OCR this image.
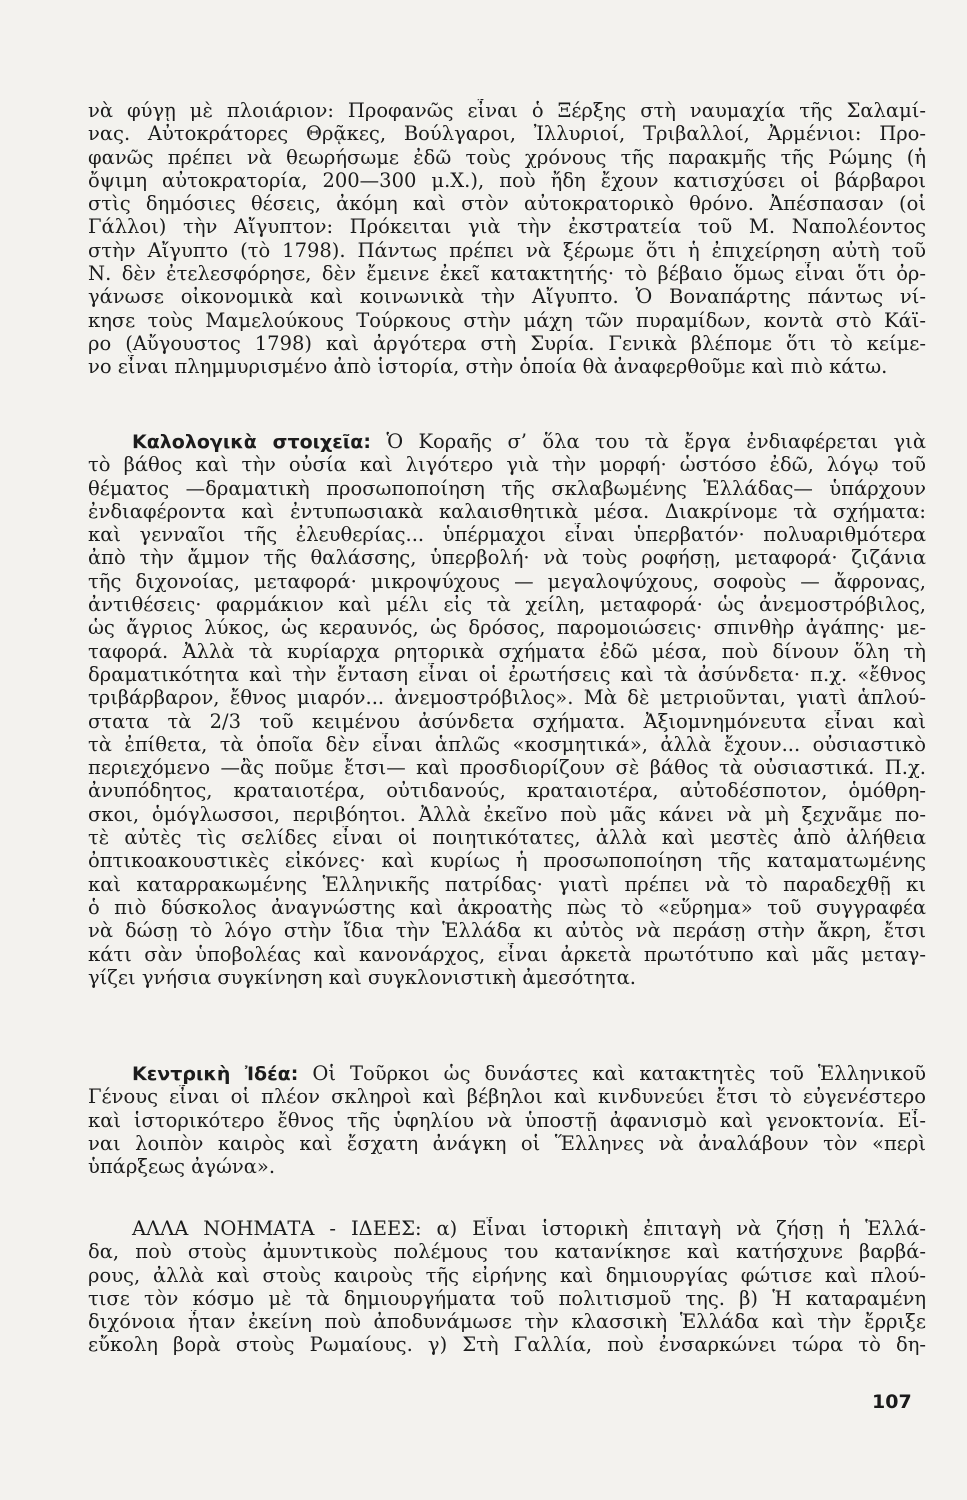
νὰ φύγῃ μὲ πλοιάριον: Προφανῶς εἶναι ὁ Ξέρξης στὴ ναυμαχία τῆς Σαλαμί-
νας. Αὐτοκράτορες Θρᾷκες, Βούλγαροι, Ἰλλυριοί, Τριβαλλοί, Ἀρμένιοι: Προ-
φανῶς πρέπει νὰ θεωρήσωμε ἐδῶ τοὺς χρόνους τῆς παρακμῆς τῆς Ρώμης (ἡ
ὄψιμη αὐτοκρατορία, 200—300 μ.Χ.), ποὺ ἤδη ἔχουν κατισχύσει οἱ βάρβαροι
στὶς δημόσιες θέσεις, ἀκόμη καὶ στὸν αὐτοκρατορικὸ θρόνο. Ἀπέσπασαν (οἱ
Γάλλοι) τὴν Αἴγυπτον: Πρόκειται γιὰ τὴν ἐκστρατεία τοῦ Μ. Ναπολέοντος
στὴν Αἴγυπτο (τὸ 1798). Πάντως πρέπει νὰ ξέρωμε ὅτι ἡ ἐπιχείρηση αὐτὴ τοῦ
Ν. δὲν ἐτελεσφόρησε, δὲν ἔμεινε ἐκεῖ κατακτητής· τὸ βέβαιο ὅμως εἶναι ὅτι ὀρ-
γάνωσε οἰκονομικὰ καὶ κοινωνικὰ τὴν Αἴγυπτο. Ὁ Βοναπάρτης πάντως νί-
κησε τοὺς Μαμελούκους Τούρκους στὴν μάχη τῶν πυραμίδων, κοντὰ στὸ Κάϊ-
ρο (Αὔγουστος 1798) καὶ ἀργότερα στὴ Συρία. Γενικὰ βλέπομε ὅτι τὸ κείμε-
νο εἶναι πλημμυρισμένο ἀπὸ ἱστορία, στὴν ὁποία θὰ ἀναφερθοῦμε καὶ πιὸ κάτω.
Καλολογικὰ στοιχεῖα: Ὁ Κοραῆς σ’ ὅλα του τὰ ἔργα ἐνδιαφέρεται γιὰ
τὸ βάθος καὶ τὴν οὐσία καὶ λιγότερο γιὰ τὴν μορφή· ὡστόσο ἐδῶ, λόγῳ τοῦ
θέματος —δραματικὴ προσωποποίηση τῆς σκλαβωμένης Ἑλλάδας— ὑπάρχουν
ἐνδιαφέροντα καὶ ἐντυπωσιακὰ καλαισθητικὰ μέσα. Διακρίνομε τὰ σχήματα:
καὶ γενναῖοι τῆς ἐλευθερίας... ὑπέρμαχοι εἶναι ὑπερβατόν· πολυαριθμότερα
ἀπὸ τὴν ἄμμον τῆς θαλάσσης, ὑπερβολή· νὰ τοὺς ροφήσῃ, μεταφορά· ζιζάνια
τῆς διχονοίας, μεταφορά· μικροψύχους — μεγαλοψύχους, σοφοὺς — ἄφρονας,
ἀντιθέσεις· φαρμάκιον καὶ μέλι εἰς τὰ χείλη, μεταφορά· ὡς ἀνεμοστρόβιλος,
ὡς ἄγριος λύκος, ὡς κεραυνός, ὡς δρόσος, παρομοιώσεις· σπινθὴρ ἀγάπης· με-
ταφορά. Ἀλλὰ τὰ κυρίαρχα ρητορικὰ σχήματα ἐδῶ μέσα, ποὺ δίνουν ὅλη τὴ
δραματικότητα καὶ τὴν ἔνταση εἶναι οἱ ἐρωτήσεις καὶ τὰ ἀσύνδετα· π.χ. «ἔθνος
τριβάρβαρον, ἔθνος μιαρόν... ἀνεμοστρόβιλος». Μὰ δὲ μετριοῦνται, γιατὶ ἁπλού-
στατα τὰ 2/3 τοῦ κειμένου ἀσύνδετα σχήματα. Ἀξιομνημόνευτα εἶναι καὶ
τὰ ἐπίθετα, τὰ ὁποῖα δὲν εἶναι ἁπλῶς «κοσμητικά», ἀλλὰ ἔχουν... οὐσιαστικὸ
περιεχόμενο —ἂς ποῦμε ἔτσι— καὶ προσδιορίζουν σὲ βάθος τὰ οὐσιαστικά. Π.χ.
ἀνυπόδητος, κραταιοτέρα, οὐτιδανούς, κραταιοτέρα, αὐτοδέσποτον, ὁμόθρη-
σκοι, ὁμόγλωσσοι, περιβόητοι. Ἀλλὰ ἐκεῖνο ποὺ μᾶς κάνει νὰ μὴ ξεχνᾶμε πο-
τὲ αὐτὲς τὶς σελίδες εἶναι οἱ ποιητικότατες, ἀλλὰ καὶ μεστὲς ἀπὸ ἀλήθεια
ὀπτικοακουστικὲς εἰκόνες· καὶ κυρίως ἡ προσωποποίηση τῆς καταματωμένης
καὶ καταρρακωμένης Ἑλληνικῆς πατρίδας· γιατὶ πρέπει νὰ τὸ παραδεχθῇ κι
ὁ πιὸ δύσκολος ἀναγνώστης καὶ ἀκροατὴς πὼς τὸ «εὕρημα» τοῦ συγγραφέα
νὰ δώσῃ τὸ λόγο στὴν ἴδια τὴν Ἑλλάδα κι αὐτὸς νὰ περάσῃ στὴν ἄκρη, ἔτσι
κάτι σὰν ὑποβολέας καὶ κανονάρχος, εἶναι ἀρκετὰ πρωτότυπο καὶ μᾶς μεταγ-
γίζει γνήσια συγκίνηση καὶ συγκλονιστικὴ ἀμεσότητα.
Κεντρικὴ Ἰδέα: Οἱ Τοῦρκοι ὡς δυνάστες καὶ κατακτητὲς τοῦ Ἑλληνικοῦ
Γένους εἶναι οἱ πλέον σκληροὶ καὶ βέβηλοι καὶ κινδυνεύει ἔτσι τὸ εὐγενέστερο
καὶ ἱστορικότερο ἔθνος τῆς ὑφηλίου νὰ ὑποστῇ ἀφανισμὸ καὶ γενοκτονία. Εἶ-
ναι λοιπὸν καιρὸς καὶ ἔσχατη ἀνάγκη οἱ Ἕλληνες νὰ ἀναλάβουν τὸν «περὶ
ὑπάρξεως ἀγώνα».
ΑΛΛΑ ΝΟΗΜΑΤΑ - ΙΔΕΕΣ: α) Εἶναι ἱστορικὴ ἐπιταγὴ νὰ ζήσῃ ἡ Ἑλλά-
δα, ποὺ στοὺς ἀμυντικοὺς πολέμους του κατανίκησε καὶ κατήσχυνε βαρβά-
ρους, ἀλλὰ καὶ στοὺς καιροὺς τῆς εἰρήνης καὶ δημιουργίας φώτισε καὶ πλού-
τισε τὸν κόσμο μὲ τὰ δημιουργήματα τοῦ πολιτισμοῦ της. β) Ἡ καταραμένη
διχόνοια ἦταν ἐκείνη ποὺ ἀποδυνάμωσε τὴν κλασσικὴ Ἑλλάδα καὶ τὴν ἔρριξε
εὔκολη βορὰ στοὺς Ρωμαίους. γ) Στὴ Γαλλία, ποὺ ἐνσαρκώνει τώρα τὸ δη-
107
